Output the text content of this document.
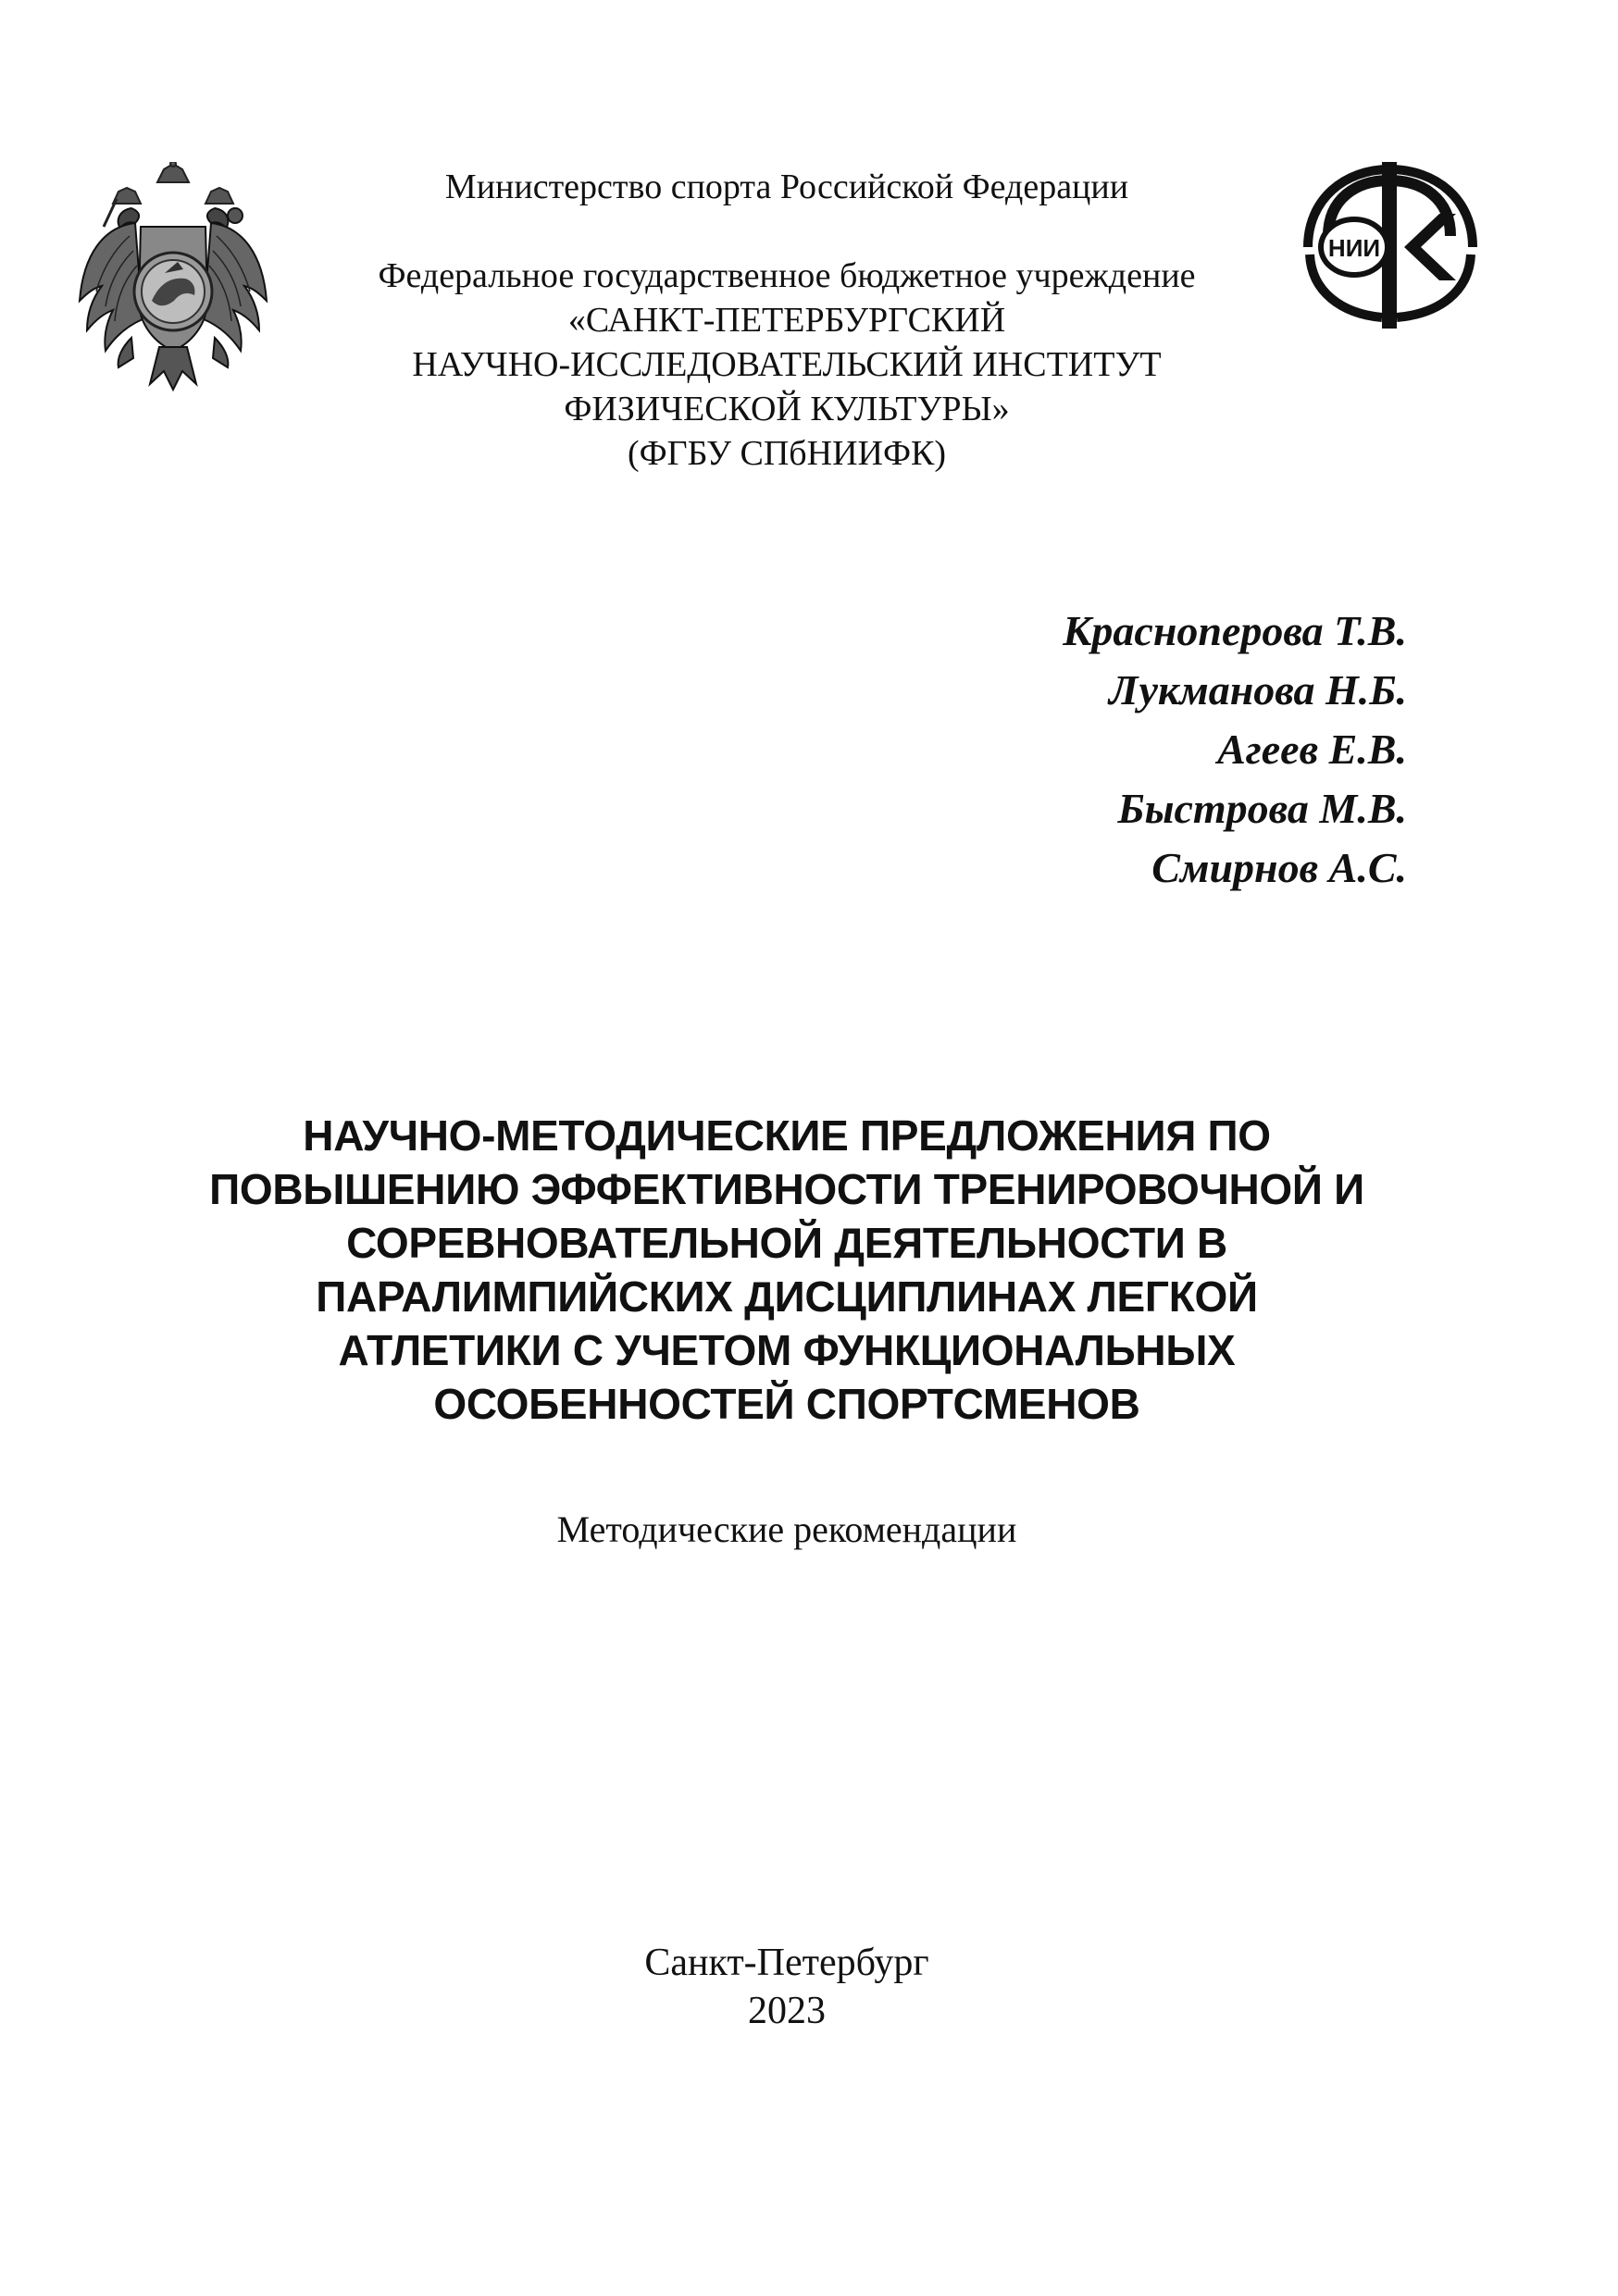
Министерство спорта Российской Федерации
Федеральное государственное бюджетное учреждение
«САНКТ-ПЕТЕРБУРГСКИЙ
НАУЧНО-ИССЛЕДОВАТЕЛЬСКИЙ ИНСТИТУТ
ФИЗИЧЕСКОЙ КУЛЬТУРЫ»
(ФГБУ СПбНИИФК)
НИИ
Красноперова Т.В.
Лукманова Н.Б.
Агеев Е.В.
Быстрова М.В.
Смирнов А.С.
НАУЧНО-МЕТОДИЧЕСКИЕ ПРЕДЛОЖЕНИЯ ПО
ПОВЫШЕНИЮ ЭФФЕКТИВНОСТИ ТРЕНИРОВОЧНОЙ И
СОРЕВНОВАТЕЛЬНОЙ ДЕЯТЕЛЬНОСТИ В
ПАРАЛИМПИЙСКИХ ДИСЦИПЛИНАХ ЛЕГКОЙ
АТЛЕТИКИ С УЧЕТОМ ФУНКЦИОНАЛЬНЫХ
ОСОБЕННОСТЕЙ СПОРТСМЕНОВ
Методические рекомендации
Санкт-Петербург
2023
